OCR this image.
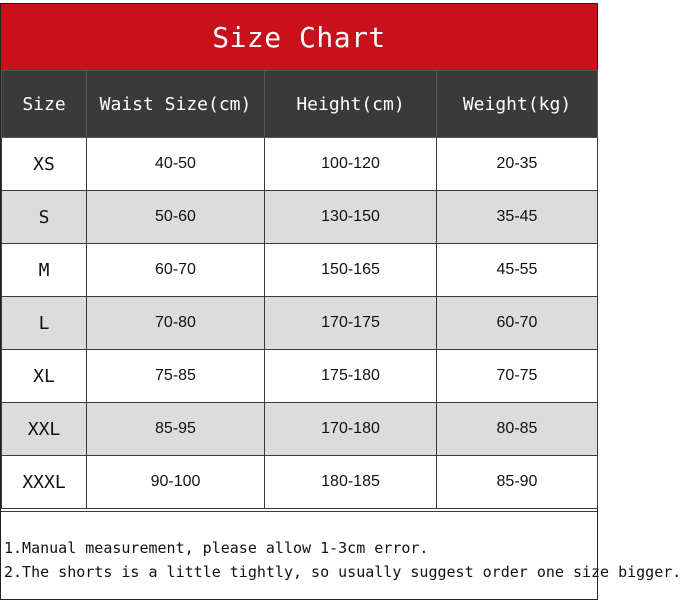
Size Chart
Size	Waist Size(cm)	Height(cm)	Weight(kg)
XS	40-50	100-120	20-35
S	50-60	130-150	35-45
M	60-70	150-165	45-55
L	70-80	170-175	60-70
XL	75-85	175-180	70-75
XXL	85-95	170-180	80-85
XXXL	90-100	180-185	85-90
1.Manual measurement, please allow 1-3cm error.
2.The shorts is a little tightly, so usually suggest order one size bigger.
